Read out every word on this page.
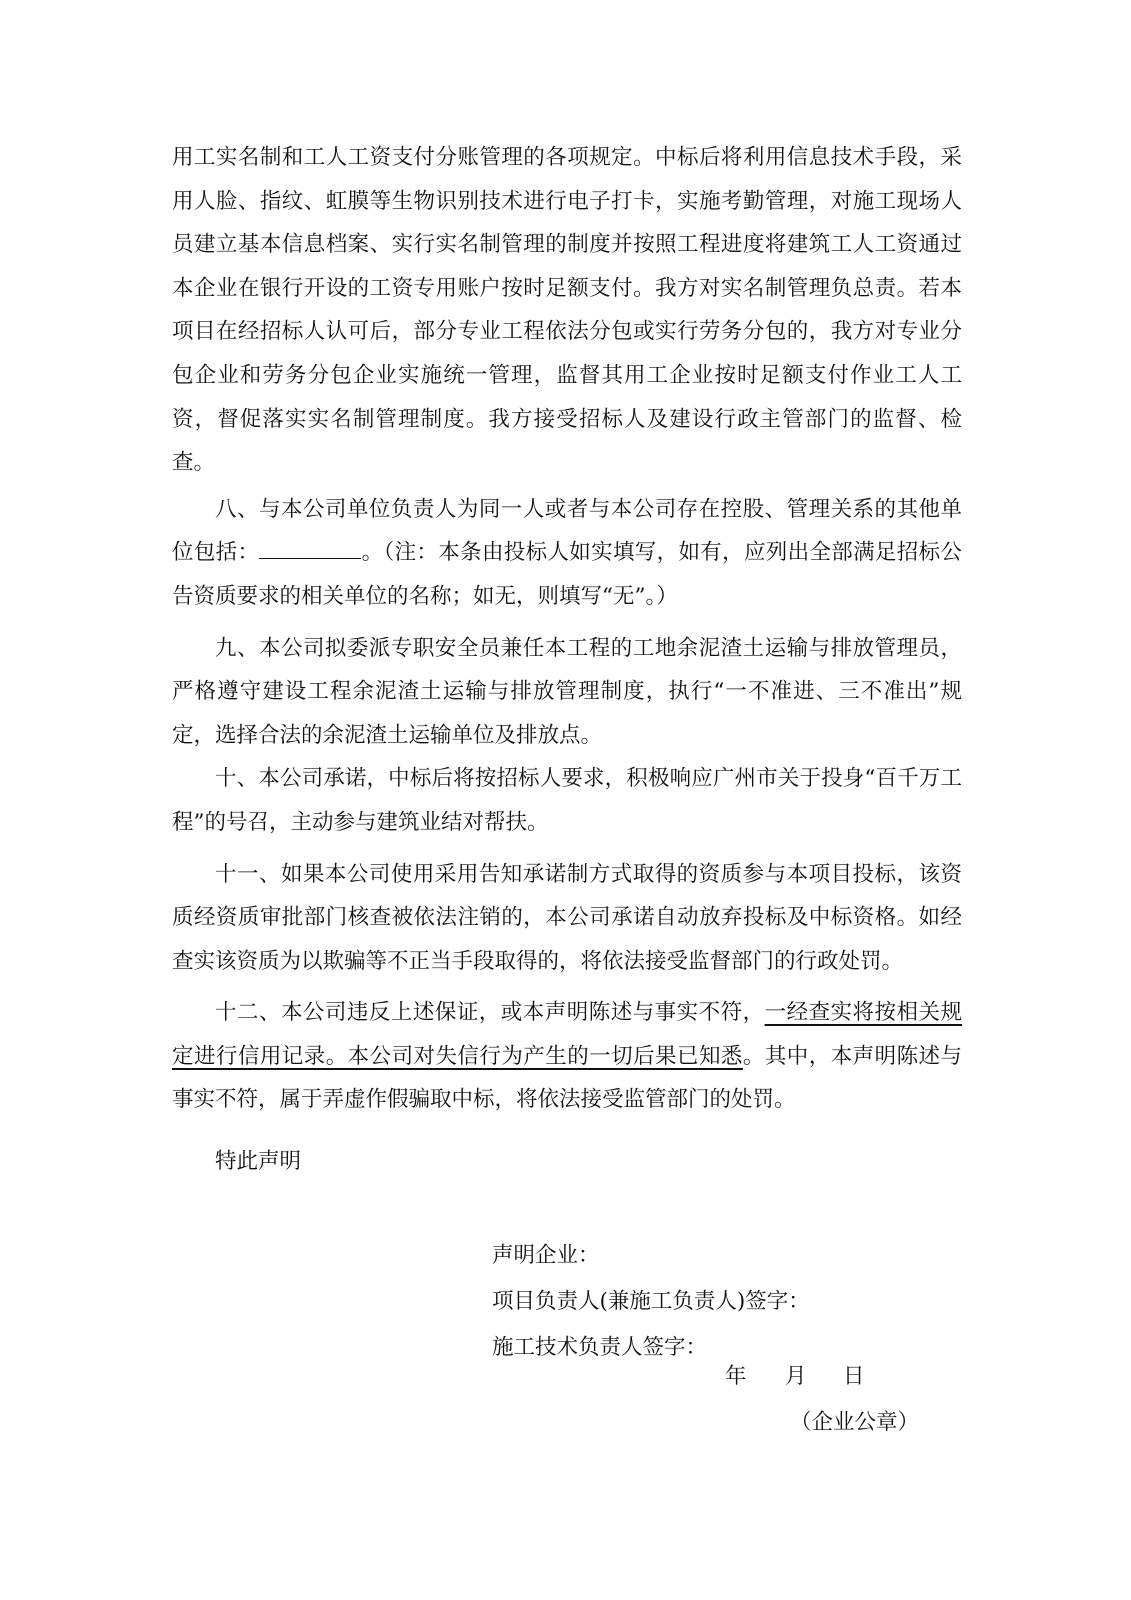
用工实名制和工人工资支付分账管理的各项规定。中标后将利用信息技术手段，采用人脸、指纹、虹膜等生物识别技术进行电子打卡，实施考勤管理，对施工现场人员建立基本信息档案、实行实名制管理的制度并按照工程进度将建筑工人工资通过本企业在银行开设的工资专用账户按时足额支付。我方对实名制管理负总责。若本项目在经招标人认可后，部分专业工程依法分包或实行劳务分包的，我方对专业分包企业和劳务分包企业实施统一管理，监督其用工企业按时足额支付作业工人工资，督促落实实名制管理制度。我方接受招标人及建设行政主管部门的监督、检查。

八、与本公司单位负责人为同一人或者与本公司存在控股、管理关系的其他单位包括：	。（注：本条由投标人如实填写，如有，应列出全部满足招标公告资质要求的相关单位的名称；如无，则填写“无”。）

九、本公司拟委派专职安全员兼任本工程的工地余泥渣土运输与排放管理员，严格遵守建设工程余泥渣土运输与排放管理制度，执行“一不准进、三不准出”规定，选择合法的余泥渣土运输单位及排放点。

十、本公司承诺，中标后将按招标人要求，积极响应广州市关于投身“百千万工程”的号召，主动参与建筑业结对帮扶。

十一、如果本公司使用采用告知承诺制方式取得的资质参与本项目投标，该资质经资质审批部门核查被依法注销的，本公司承诺自动放弃投标及中标资格。如经查实该资质为以欺骗等不正当手段取得的，将依法接受监督部门的行政处罚。

十二、本公司违反上述保证，或本声明陈述与事实不符，一经查实将按相关规定进行信用记录。本公司对失信行为产生的一切后果已知悉。其中，本声明陈述与事实不符，属于弄虚作假骗取中标，将依法接受监管部门的处罚。

特此声明
声明企业：
项目负责人(兼施工负责人)签字：
施工技术负责人签字：
年 月 日
（企业公章）
